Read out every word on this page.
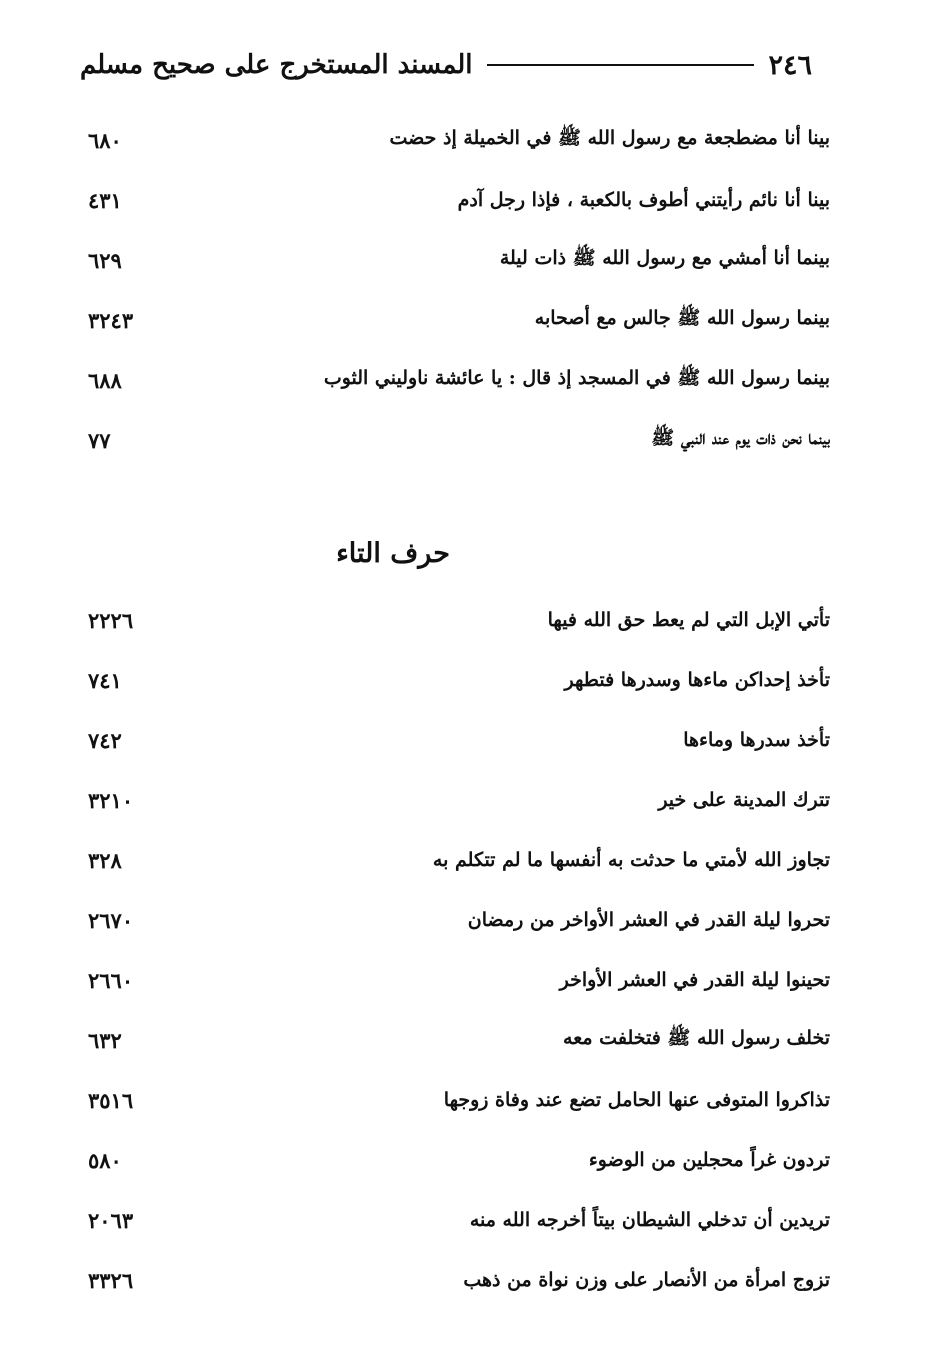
٢٤٦
المسند المستخرج على صحيح مسلم
بينا أنا مضطجعة مع رسول الله ﷺ في الخميلة إذ حضت
٦٨٠
بينا أنا نائم رأيتني أطوف بالكعبة ، فإذا رجل آدم
٤٣١
بينما أنا أمشي مع رسول الله ﷺ ذات ليلة
٦٢٩
بينما رسول الله ﷺ جالس مع أصحابه
٣٢٤٣
بينما رسول الله ﷺ في المسجد إذ قال : يا عائشة ناوليني الثوب
٦٨٨
بينما نحن ذات يوم عند النبي ﷺ
٧٧
حرف التاء
تأتي الإبل التي لم يعط حق الله فيها
٢٢٢٦
تأخذ إحداكن ماءها وسدرها فتطهر
٧٤١
تأخذ سدرها وماءها
٧٤٢
تترك المدينة على خير
٣٢١٠
تجاوز الله لأمتي ما حدثت به أنفسها ما لم تتكلم به
٣٢٨
تحروا ليلة القدر في العشر الأواخر من رمضان
٢٦٧٠
تحينوا ليلة القدر في العشر الأواخر
٢٦٦٠
تخلف رسول الله ﷺ فتخلفت معه
٦٣٢
تذاكروا المتوفى عنها الحامل تضع عند وفاة زوجها
٣٥١٦
تردون غراً محجلين من الوضوء
٥٨٠
تريدين أن تدخلي الشيطان بيتاً أخرجه الله منه
٢٠٦٣
تزوج امرأة من الأنصار على وزن نواة من ذهب
٣٣٢٦
